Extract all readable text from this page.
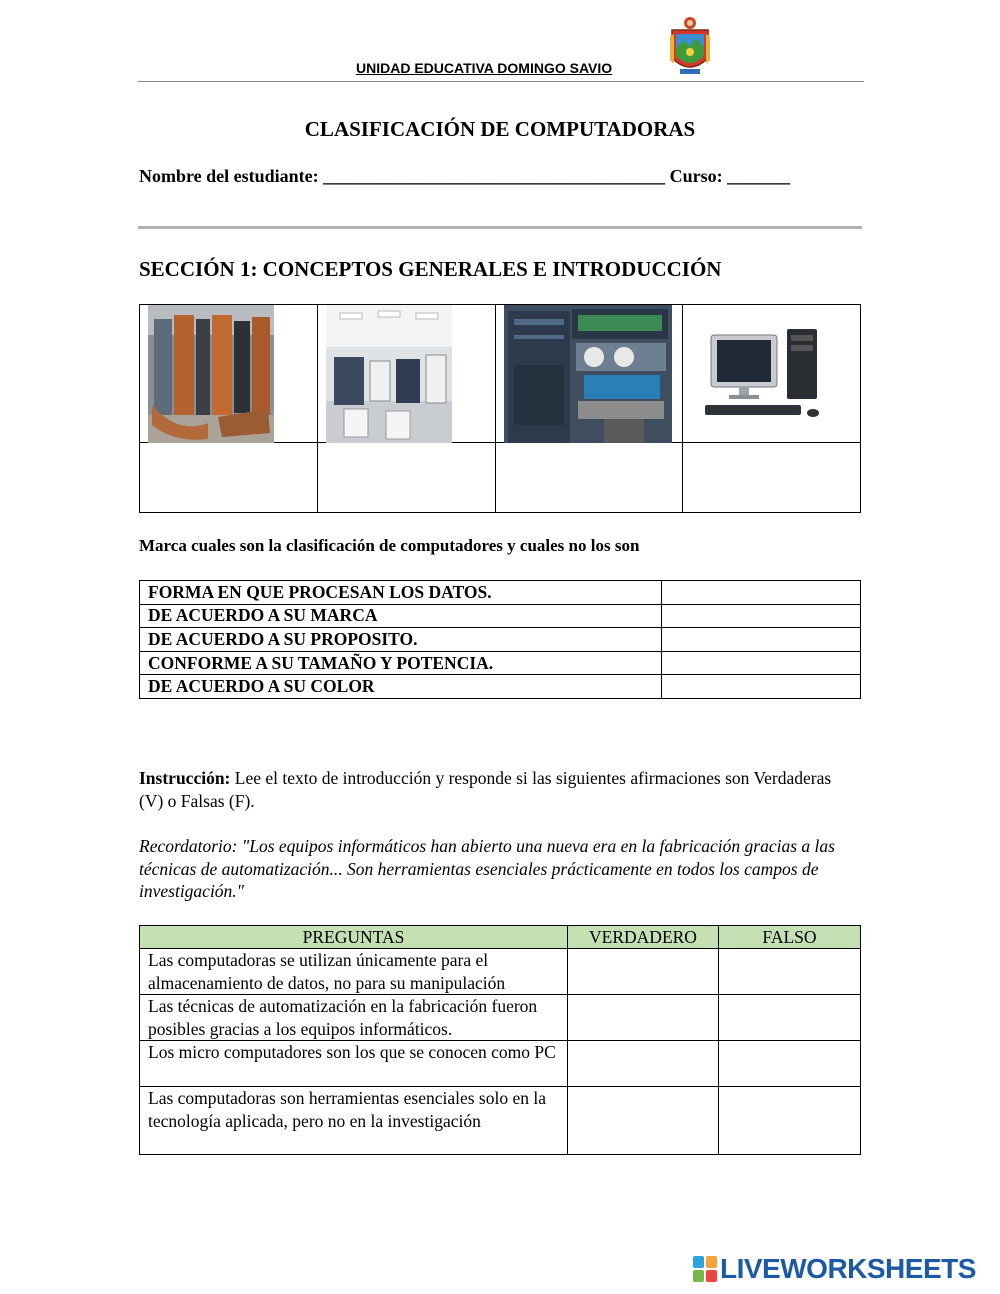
UNIDAD EDUCATIVA DOMINGO SAVIO
CLASIFICACIÓN DE COMPUTADORAS
Nombre del estudiante: ______________________________________ Curso: _______
SECCIÓN 1: CONCEPTOS GENERALES E INTRODUCCIÓN

Marca cuales son la clasificación de computadores y cuales no los son
FORMA EN QUE PROCESAN LOS DATOS.	
DE ACUERDO A SU MARCA	
DE ACUERDO A SU PROPOSITO.	
CONFORME A SU TAMAÑO Y POTENCIA.	
DE ACUERDO A SU COLOR	
Instrucción: Lee el texto de introducción y responde si las siguientes afirmaciones son Verdaderas (V) o Falsas (F).
Recordatorio: "Los equipos informáticos han abierto una nueva era en la fabricación gracias a las técnicas de automatización... Son herramientas esenciales prácticamente en todos los campos de investigación."
PREGUNTAS	VERDADERO	FALSO
Las computadoras se utilizan únicamente para el almacenamiento de datos, no para su manipulación		
Las técnicas de automatización en la fabricación fueron posibles gracias a los equipos informáticos.		
Los micro computadores son los que se conocen como PC		
Las computadoras son herramientas esenciales solo en la tecnología aplicada, pero no en la investigación		
LIVEWORKSHEETS
